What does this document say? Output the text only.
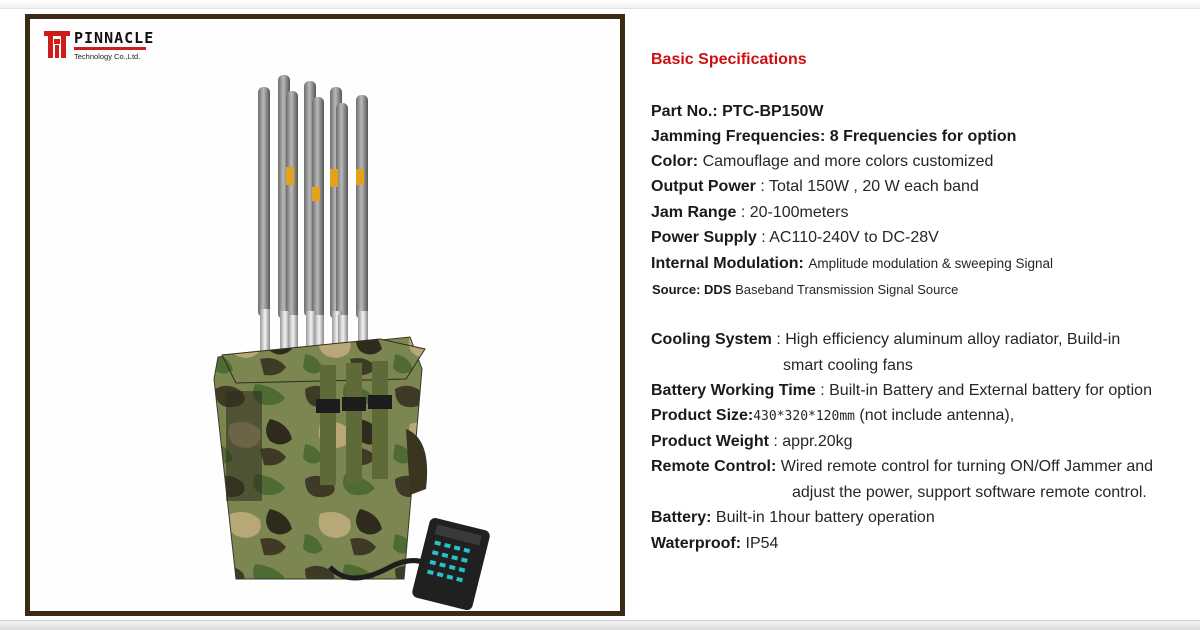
PINNACLE
Technology Co.,Ltd.	Basic Specifications
Part No.: PTC-BP150W
Jamming Frequencies: 8 Frequencies for option
Color: Camouflage and more colors customized
Output Power : Total 150W , 20 W each band
Jam Range : 20-100meters
Power Supply : AC110-240V to DC-28V
Internal Modulation: Amplitude modulation & sweeping Signal
Source: DDS Baseband Transmission Signal Source
Cooling System : High efficiency aluminum alloy radiator, Build-in
smart cooling fans
Battery Working Time : Built-in Battery and External battery for option
Product Size:430*320*120mm (not include antenna),
Product Weight : appr.20kg
Remote Control: Wired remote control for turning ON/Off Jammer and
adjust the power, support software remote control.
Battery: Built-in 1hour battery operation
Waterproof: IP54
